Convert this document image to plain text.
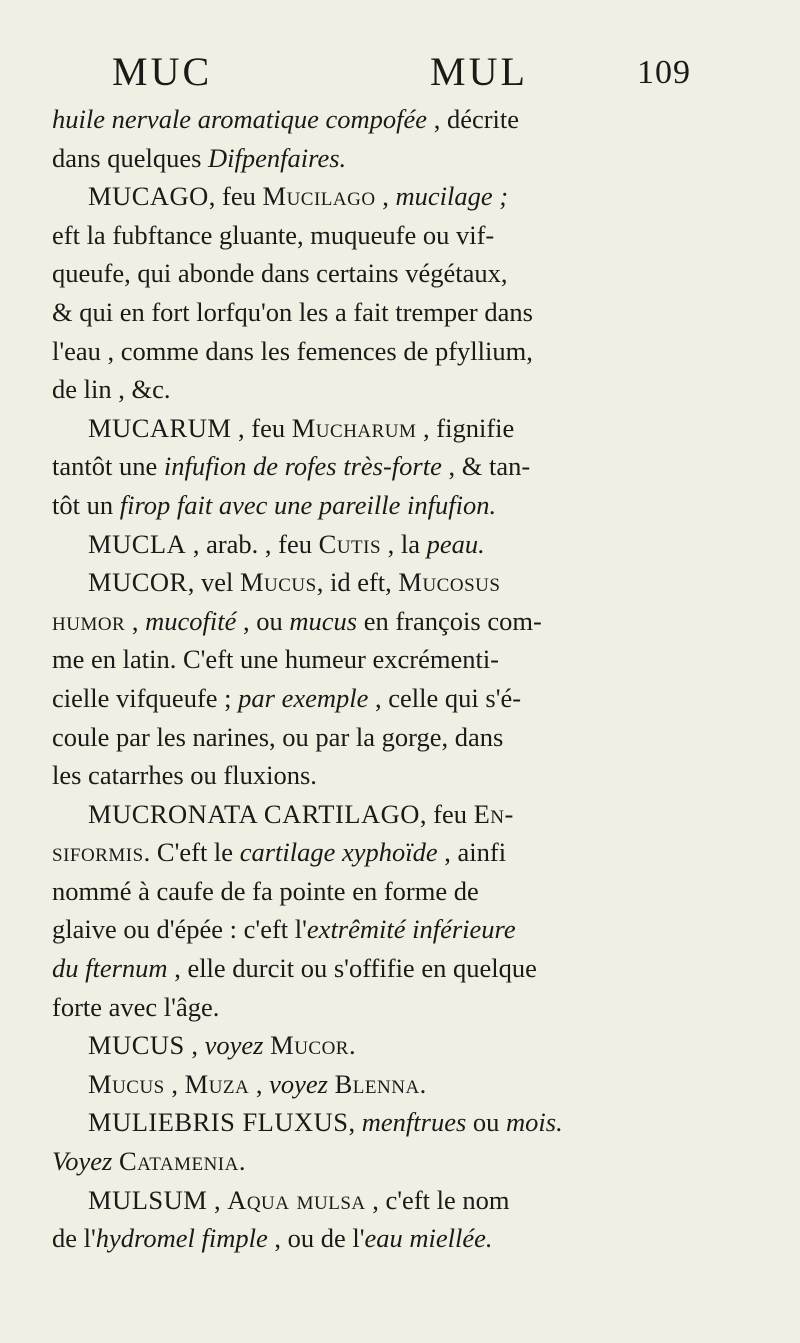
MUC	MUL	109
huile nervale aromatique compofée , décrite
dans quelques Difpenfaires.
MUCAGO, feu Mucilago , mucilage ;
eft la fubftance gluante, muqueufe ou vif-
queufe, qui abonde dans certains végétaux,
& qui en fort lorfqu'on les a fait tremper dans
l'eau , comme dans les femences de pfyllium,
de lin , &c.
MUCARUM , feu Mucharum , fignifie
tantôt une infufion de rofes très-forte , & tan-
tôt un firop fait avec une pareille infufion.
MUCLA , arab. , feu Cutis , la peau.
MUCOR, vel Mucus, id eft, Mucosus
humor , mucofité , ou mucus en françois com-
me en latin. C'eft une humeur excrémenti-
cielle vifqueufe ; par exemple , celle qui s'é-
coule par les narines, ou par la gorge, dans
les catarrhes ou fluxions.
MUCRONATA CARTILAGO, feu En-
siformis. C'eft le cartilage xyphoïde , ainfi
nommé à caufe de fa pointe en forme de
glaive ou d'épée : c'eft l'extrêmité inférieure
du fternum , elle durcit ou s'offifie en quelque
forte avec l'âge.
MUCUS , voyez Mucor.
Mucus , Muza , voyez Blenna.
MULIEBRIS FLUXUS, menftrues ou mois.
Voyez Catamenia.
MULSUM , Aqua mulsa , c'eft le nom
de l'hydromel fimple , ou de l'eau miellée.
